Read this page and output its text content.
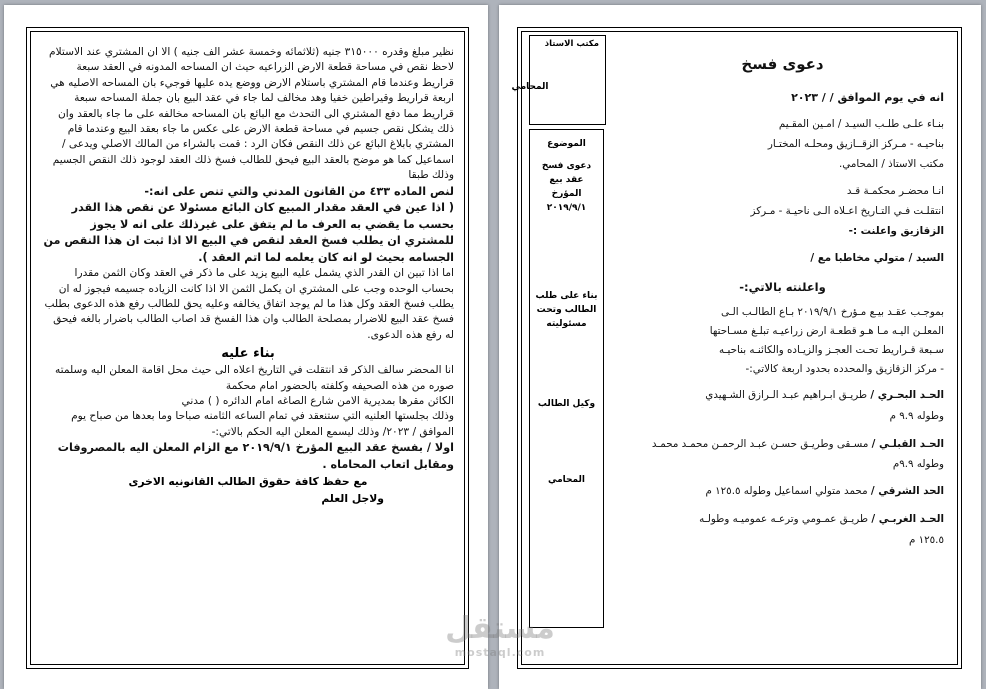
نظير مبلغ وقدره ٣١٥٠٠٠ جنيه (ثلاثمائه وخمسة عشر الف جنيه ) الا ان المشتري عند الاستلام لاحظ نقص في مساحة قطعة الارض الزراعيه حيث ان المساحه المدونه في العقد سبعة قراريط وعندما قام المشتري باستلام الارض ووضع يده عليها فوجيء بان المساحه الاصليه هي اربعة قراريط وقيراطين خفيا وهد مخالف لما جاء في عقد البيع بان جملة المساحه سبعة قراريط مما دفع المشتري الى التحدث مع البائع بان المساحه مخالفه على ما جاء بالعقد وان ذلك يشكل نقص جسيم في مساحة قطعة الارض على عكس ما جاء بعقد البيع وعندما قام المشتري بابلاغ البائع عن ذلك النقص فكان الرد : قمت بالشراء من المالك الاصلي ويدعى / اسماعيل كما هو موضح بالعقد البيع فيحق للطالب فسخ ذلك العقد لوجود ذلك النقص الجسيم وذلك طبقا

لنص الماده ٤٣٣ من القانون المدني والتي تنص على انه:-

( اذا عين في العقد مقدار المبيع كان البائع مسئولا عن نقص هذا القدر بحسب ما يقضي به العرف ما لم يتفق على غيرذلك على انه لا يجوز للمشتري ان يطلب فسخ العقد لنقص في البيع الا اذا ثبت ان هذا النقص من الجسامه بحيث لو انه كان يعلمه لما اتم العقد ).

اما اذا تبين ان القدر الذي يشمل عليه البيع يزيد على ما ذكر في العقد وكان الثمن مقدرا بحساب الوحده وجب على المشتري ان يكمل الثمن الا اذا كانت الزياده جسيمه فيجوز له ان يطلب فسخ العقد وكل هذا ما لم يوجد اتفاق يخالفه وعليه يحق للطالب رفع هذه الدعوى بطلب فسخ عقد البيع للاضرار بمصلحة الطالب وان هذا الفسخ قد اصاب الطالب باضرار بالغه فيحق له رفع هذه الدعوى.

بناء عليه

انا المحضر سالف الذكر قد انتقلت في التاريخ اعلاه الى حيث محل اقامة المعلن اليه وسلمته صوره من هذه الصحيفه وكلفته بالحضور امام محكمة

الكائن مقرها بمديرية الامن شارع الصاغه امام الدائره ( ) مدني

وذلك بجلستها العلنيه التي ستنعقد في تمام الساعه الثامنه صباحا وما بعدها من صباح يوم الموافق / ٢٠٢٣/ وذلك ليسمع المعلن اليه الحكم بالاتي:-

اولا / بفسخ عقد البيع المؤرخ ٢٠١٩/٩/١ مع الزام المعلن اليه بالمصروفات ومقابل اتعاب المحاماه .

مع حفظ كافة حقوق الطالب القانونيه الاخرى
ولاجل العلم
مكتب الاستاذ
المحامي
الموضوع
دعوى فسخ
عقد بيع
المؤرخ
٢٠١٩/٩/١
بناء على طلب
الطالب وتحت
مسئوليته
وكيل الطالب
المحامي
دعوى فسخ
انه في يوم الموافق / / ٢٠٢٣
بنـاء علـى طلـب السيـد / امـين المقـيم
بناحيـه - مـركز الزقــازيق ومحلـه المختـار
مكتب الاستاذ / المحامي.
انـا محضـر محكمـة قـد
انتقلـت فـي التـاريخ اعـلاه الـى ناحيـة - مـركز
الزقازيق واعلنت :-
السيد / متولي مخاطبا مع /
واعلنته بالاتي:-
بموجـب عقـد بيـع مـؤرخ ٢٠١٩/٩/١ بـاع الطالـب الـى
المعلـن اليـه مـا هـو قطعـة ارض زراعيـه تبلـغ مسـاحتها
سـبعة قـراريط تحـت العجـز والزيـاده والكائنـه بناحيـه
- مركز الزقازيق والمحدده بحدود اربعة كالاتي:-
الحـد البحـري / طريـق ابـراهيم عبـد الـرازق الشـهيدي
وطوله ٩.٩ م
الحـد القبلـي / مسـقى وطريـق حسـن عبـد الرحمـن محمـد محمـد
وطوله ٩.٩م
الحد الشرقي / محمد متولي اسماعيل وطوله ١٢٥.٥ م
الحـد الغربـي / طريـق عمـومي وترعـه عموميـه وطولـه
١٢٥.٥ م
مستقل
mostaql.com
